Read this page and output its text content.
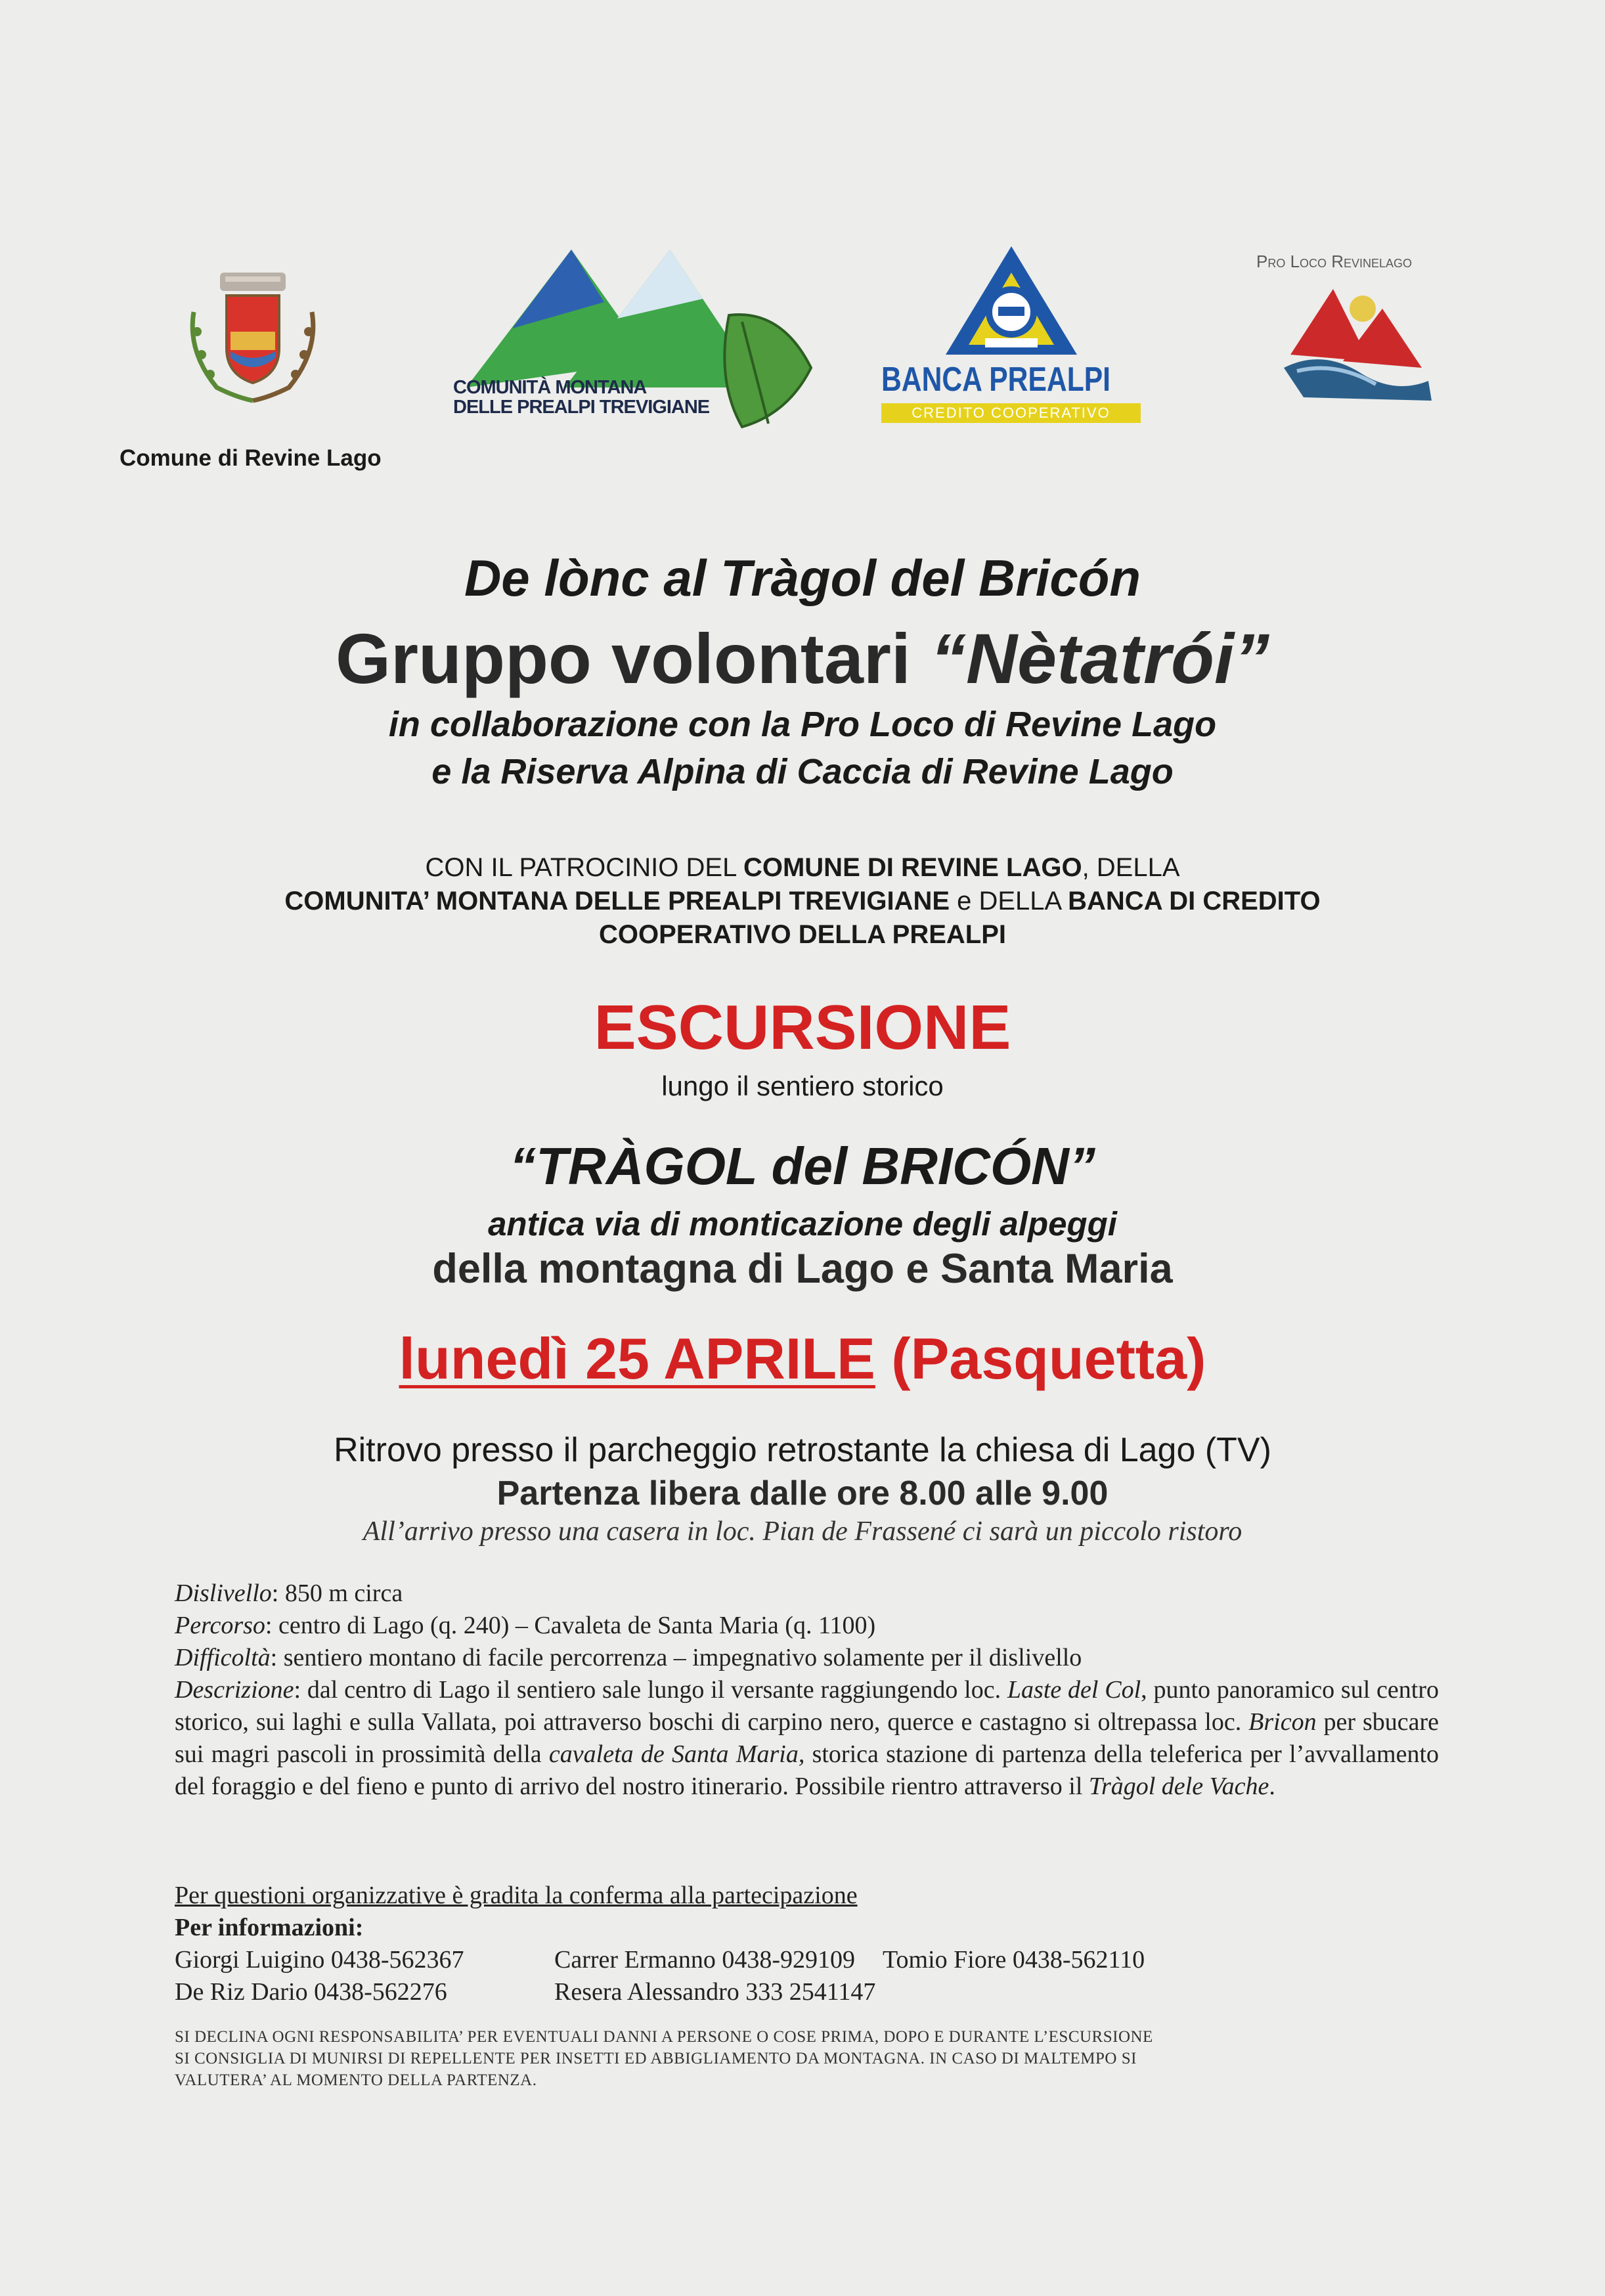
Comune di Revine Lago
COMUNITÀ MONTANA
DELLE PREALPI TREVIGIANE
BANCA PREALPI
CREDITO COOPERATIVO
Pro Loco Revinelago
De lònc al Tràgol del Bricón
Gruppo volontari “Nètatrói”
in collaborazione con la Pro Loco di Revine Lago
e la Riserva Alpina di Caccia di Revine Lago
CON IL PATROCINIO DEL COMUNE DI REVINE LAGO, DELLA
COMUNITA’ MONTANA DELLE PREALPI TREVIGIANE e DELLA BANCA DI CREDITO
COOPERATIVO DELLA PREALPI
ESCURSIONE
lungo il sentiero storico
“TRÀGOL del BRICÓN”
antica via di monticazione degli alpeggi
della montagna di Lago e Santa Maria
lunedì 25 APRILE (Pasquetta)
Ritrovo presso il parcheggio retrostante la chiesa di Lago (TV)
Partenza libera dalle ore 8.00 alle 9.00
All’arrivo presso una casera in loc. Pian de Frassené ci sarà un piccolo ristoro
Dislivello: 850 m circa
Percorso: centro di Lago (q. 240) – Cavaleta de Santa Maria (q. 1100)
Difficoltà: sentiero montano di facile percorrenza – impegnativo solamente per il dislivello
Descrizione: dal centro di Lago il sentiero sale lungo il versante raggiungendo loc. Laste del Col, punto panoramico sul centro storico, sui laghi e sulla Vallata, poi attraverso boschi di carpino nero, querce e castagno si oltrepassa loc. Bricon per sbucare sui magri pascoli in prossimità della cavaleta de Santa Maria, storica stazione di partenza della teleferica per l’avvallamento del foraggio e del fieno e punto di arrivo del nostro itinerario. Possibile rientro attraverso il Tràgol dele Vache.
Per questioni organizzative è gradita la conferma alla partecipazione
Per informazioni:
Giorgi Luigino 0438-562367	Carrer Ermanno 0438-929109 Tomio Fiore 0438-562110
De Riz Dario 0438-562276	Resera Alessandro 333 2541147
SI DECLINA OGNI RESPONSABILITA’ PER EVENTUALI DANNI A PERSONE O COSE PRIMA, DOPO E DURANTE L’ESCURSIONE
SI CONSIGLIA DI MUNIRSI DI REPELLENTE PER INSETTI ED ABBIGLIAMENTO DA MONTAGNA. IN CASO DI MALTEMPO SI
VALUTERA’ AL MOMENTO DELLA PARTENZA.
